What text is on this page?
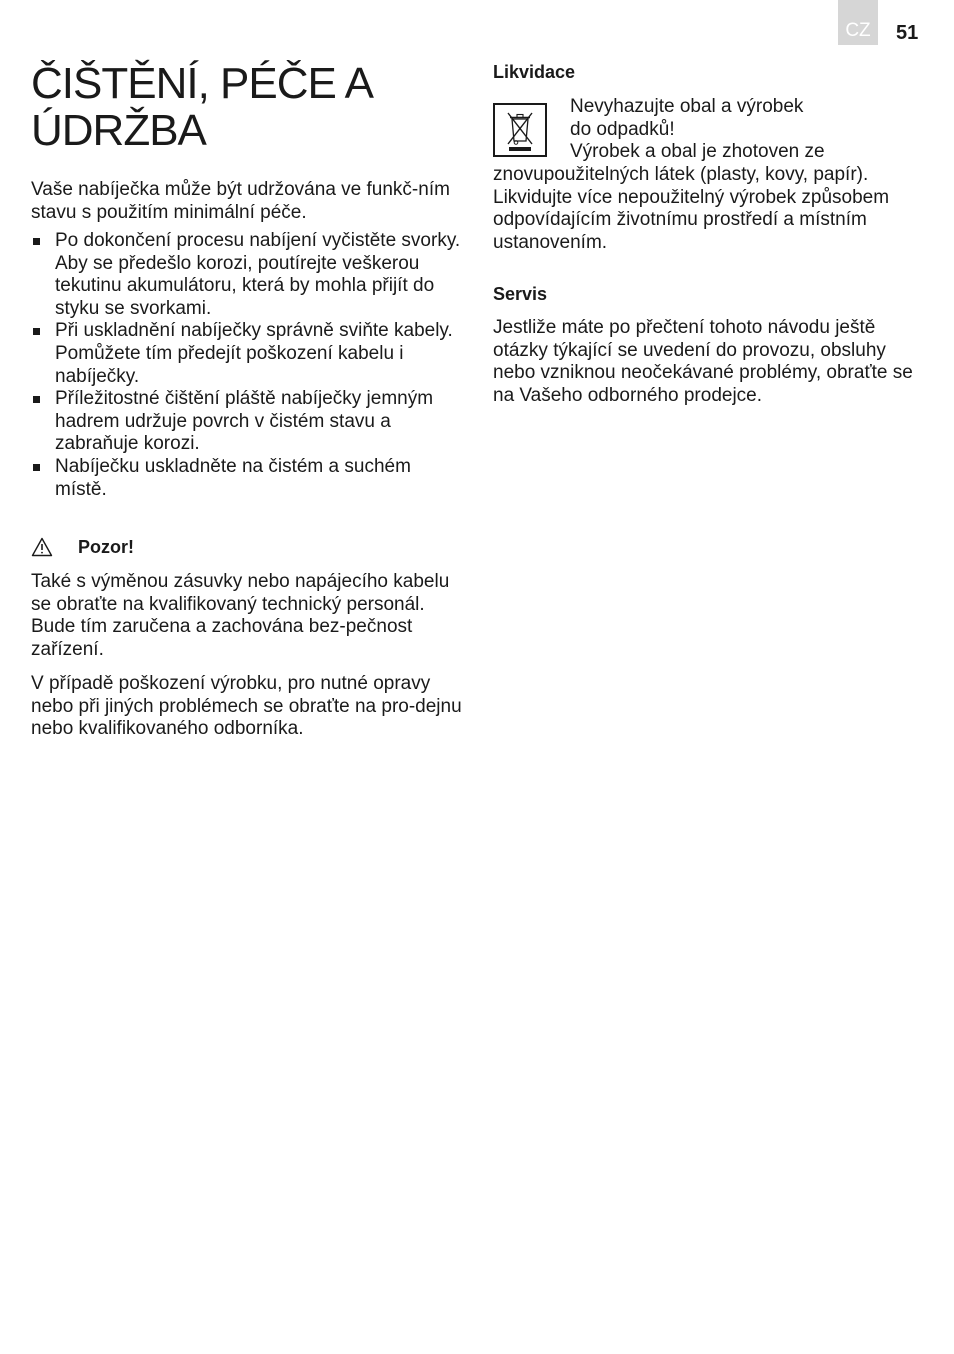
CZ 51
ČIŠTĚNÍ, PÉČE A
ÚDRŽBA

Vaše nabíječka může být udržována ve funkč-ním stavu s použitím minimální péče.

Po dokončení procesu nabíjení vyčistěte svorky. Aby se předešlo korozi, poutírejte veškerou tekutinu akumulátoru, která by mohla přijít do styku se svorkami.
Při uskladnění nabíječky správně sviňte kabely. Pomůžete tím předejít poškození kabelu i nabíječky.
Příležitostné čištění pláště nabíječky jemným hadrem udržuje povrch v čistém stavu a zabraňuje korozi.
Nabíječku uskladněte na čistém a suchém místě.
Pozor!

Také s výměnou zásuvky nebo napájecího kabelu se obraťte na kvalifikovaný technický personál. Bude tím zaručena a zachována bez-pečnost zařízení.

V případě poškození výrobku, pro nutné opravy nebo při jiných problémech se obraťte na pro-dejnu nebo kvalifikovaného odborníka.

Likvidace

Nevyhazujte obal a výrobek
do odpadků!
Výrobek a obal je zhotoven ze

znovupoužitelných látek (plasty, kovy, papír). Likvidujte více nepoužitelný výrobek způsobem odpovídajícím životnímu prostředí a místním ustanovením.

Servis

Jestliže máte po přečtení tohoto návodu ještě otázky týkající se uvedení do provozu, obsluhy nebo vzniknou neočekávané problémy, obraťte se na Vašeho odborného prodejce.
